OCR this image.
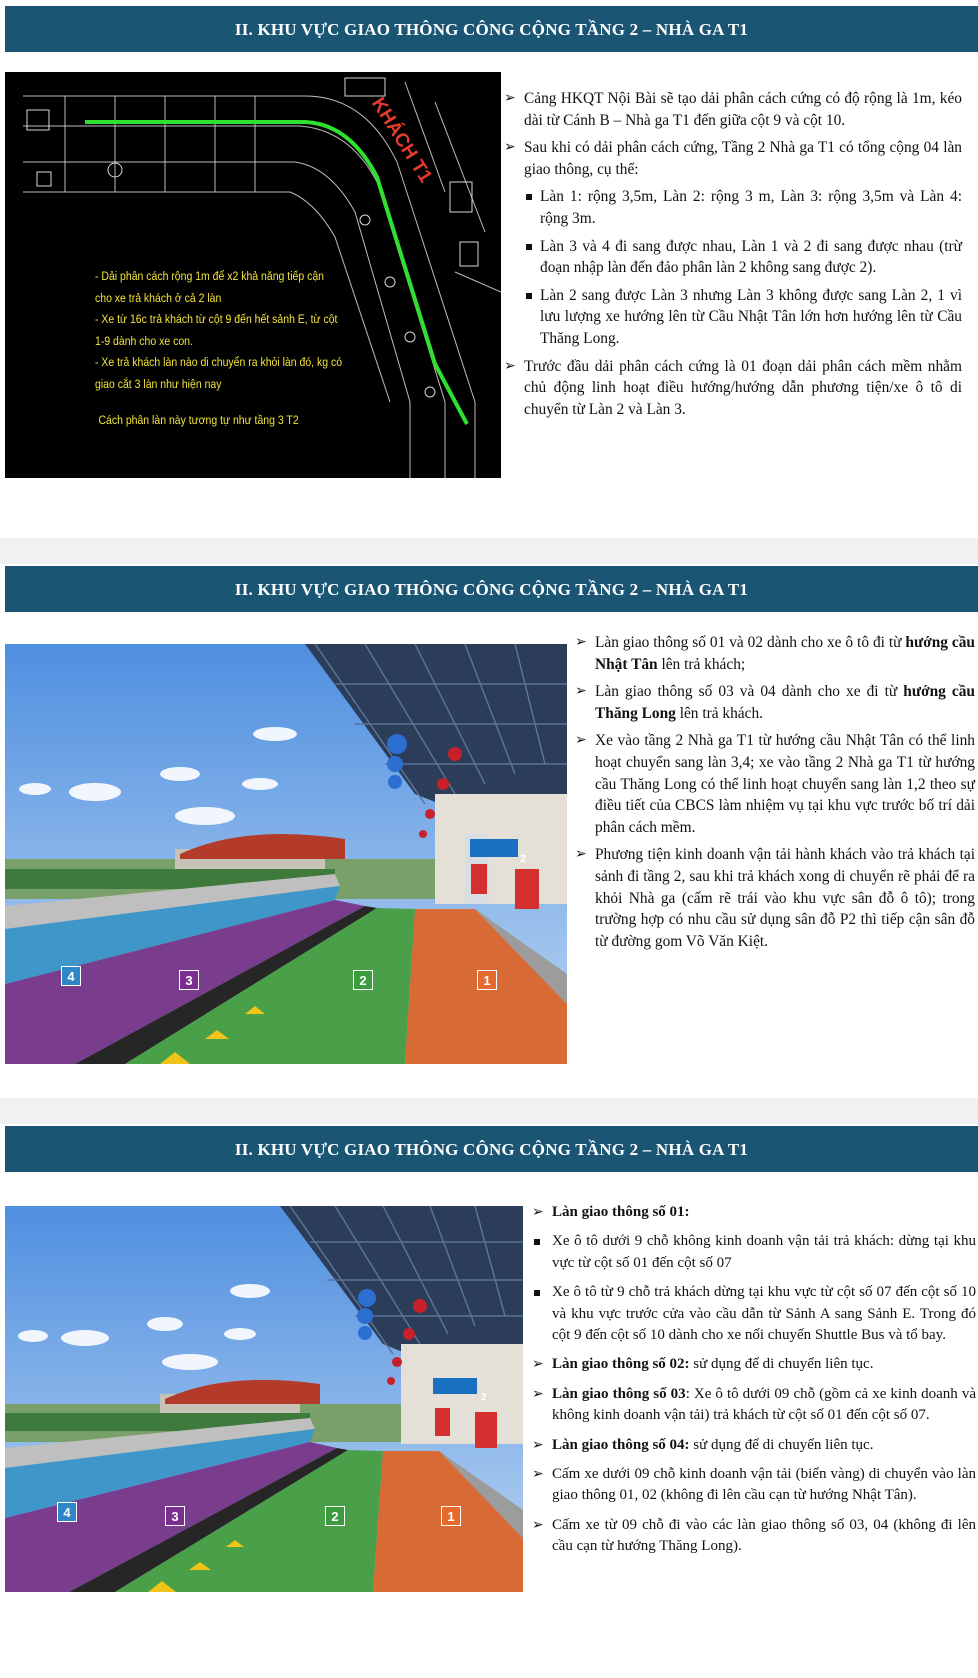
II. KHU VỰC GIAO THÔNG CÔNG CỘNG TẦNG 2 – NHÀ GA T1
KHÁCH T1
- Dải phân cách rộng 1m để x2 khả năng tiếp cận
cho xe trả khách ở cả 2 làn
- Xe từ 16c trả khách từ cột 9 đến hết sảnh E, từ cột
1-9 dành cho xe con.
- Xe trả khách làn nào di chuyển ra khỏi làn đó, kg có
giao cắt 3 làn như hiện nay
Cách phân làn này tương tự như tầng 3 T2
➢ Cảng HKQT Nội Bài sẽ tạo dải phân cách cứng có độ rộng là 1m, kéo dài từ Cánh B – Nhà ga T1 đến giữa cột 9 và cột 10.
➢ Sau khi có dải phân cách cứng, Tầng 2 Nhà ga T1 có tổng cộng 04 làn giao thông, cụ thể:
Làn 1: rộng 3,5m, Làn 2: rộng 3 m, Làn 3: rộng 3,5m và Làn 4: rộng 3m.
Làn 3 và 4 đi sang được nhau, Làn 1 và 2 đi sang được nhau (trừ đoạn nhập làn đến đảo phân làn 2 không sang được 2).
Làn 2 sang được Làn 3 nhưng Làn 3 không được sang Làn 2, 1 vì lưu lượng xe hướng lên từ Cầu Nhật Tân lớn hơn hướng lên từ Cầu Thăng Long.
➢ Trước đầu dải phân cách cứng là 01 đoạn dải phân cách mềm nhằm chủ động linh hoạt điều hướng/hướng dẫn phương tiện/xe ô tô di chuyển từ Làn 2 và Làn 3.
II. KHU VỰC GIAO THÔNG CÔNG CỘNG TẦNG 2 – NHÀ GA T1
2
4	3	2	1
➢ Làn giao thông số 01 và 02 dành cho xe ô tô đi từ hướng cầu Nhật Tân lên trả khách;
➢ Làn giao thông số 03 và 04 dành cho xe đi từ hướng cầu Thăng Long lên trả khách.
➢ Xe vào tầng 2 Nhà ga T1 từ hướng cầu Nhật Tân có thể linh hoạt chuyển sang làn 3,4; xe vào tầng 2 Nhà ga T1 từ hướng cầu Thăng Long có thể linh hoạt chuyển sang làn 1,2 theo sự điều tiết của CBCS làm nhiệm vụ tại khu vực trước bố trí dải phân cách mềm.
➢ Phương tiện kinh doanh vận tải hành khách vào trả khách tại sảnh đi tầng 2, sau khi trả khách xong di chuyển rẽ phải để ra khỏi Nhà ga (cấm rẽ trái vào khu vực sân đỗ ô tô); trong trường hợp có nhu cầu sử dụng sân đỗ P2 thì tiếp cận sân đỗ từ đường gom Võ Văn Kiệt.
II. KHU VỰC GIAO THÔNG CÔNG CỘNG TẦNG 2 – NHÀ GA T1
2
4	3	2	1
➢ Làn giao thông số 01:
Xe ô tô dưới 9 chỗ không kinh doanh vận tải trả khách: dừng tại khu vực từ cột số 01 đến cột số 07
Xe ô tô từ 9 chỗ trả khách dừng tại khu vực từ cột số 07 đến cột số 10 và khu vực trước cửa vào cầu dẫn từ Sảnh A sang Sảnh E. Trong đó cột 9 đến cột số 10 dành cho xe nối chuyến Shuttle Bus và tổ bay.
➢ Làn giao thông số 02: sử dụng để di chuyển liên tục.
➢ Làn giao thông số 03: Xe ô tô dưới 09 chỗ (gồm cả xe kinh doanh và không kinh doanh vận tải) trả khách từ cột số 01 đến cột số 07.
➢ Làn giao thông số 04: sử dụng để di chuyển liên tục.
➢ Cấm xe dưới 09 chỗ kinh doanh vận tải (biển vàng) di chuyển vào làn giao thông 01, 02 (không đi lên cầu cạn từ hướng Nhật Tân).
➢ Cấm xe từ 09 chỗ đi vào các làn giao thông số 03, 04 (không đi lên cầu cạn từ hướng Thăng Long).
